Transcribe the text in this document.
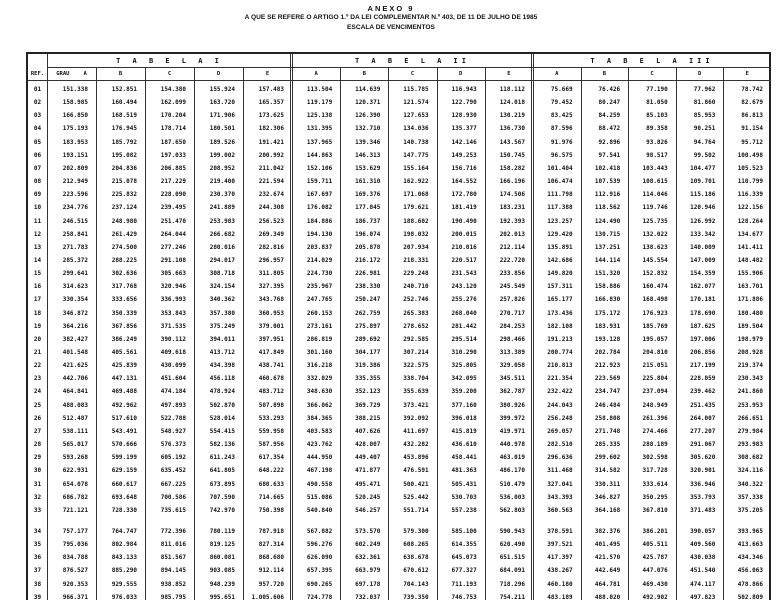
ANEXO 9
A QUE SE REFERE O ARTIGO 1.º DA LEI COMPLEMENTAR N.º 403, DE 11 DE JULHO DE 1985
ESCALA DE VENCIMENTOS
T A B E L A I
GRAU	A	B	C	D	E
T A B E L A II
A	B	C	D	E
T A B E L A III
A	B	C	D	E
REF.
01	151.338	152.851	154.380	155.924	157.483	113.504	114.639	115.785	116.943	118.112	75.669	76.426	77.190	77.962	78.742
02	158.985	160.494	162.099	163.720	165.357	119.179	120.371	121.574	122.790	124.018	79.452	80.247	81.050	81.860	82.679
03	166.850	168.519	170.204	171.906	173.625	125.138	126.390	127.653	128.930	130.219	83.425	84.259	85.103	85.953	86.813
04	175.193	176.945	178.714	180.501	182.306	131.395	132.710	134.036	135.377	136.730	87.596	88.472	89.358	90.251	91.154
05	183.953	185.792	187.650	189.526	191.421	137.965	139.346	140.738	142.146	143.567	91.976	92.896	93.826	94.764	95.712
06	193.151	195.082	197.033	199.002	200.992	144.863	146.313	147.775	149.253	150.745	96.575	97.541	98.517	99.502	100.498
07	202.809	204.836	206.885	208.952	211.042	152.106	153.629	155.164	156.716	158.282	101.404	102.418	103.443	104.477	105.523
08	212.949	215.078	217.229	219.400	221.594	159.711	161.310	162.922	164.552	166.196	106.474	107.539	108.615	109.701	110.799
09	223.596	225.832	228.090	230.370	232.674	167.697	169.376	171.068	172.780	174.506	111.798	112.916	114.046	115.186	116.339
10	234.776	237.124	239.495	241.889	244.308	176.082	177.845	179.621	181.419	183.231	117.388	118.562	119.746	120.946	122.156
11	246.515	248.980	251.470	253.983	256.523	184.886	186.737	188.602	190.490	192.393	123.257	124.490	125.735	126.992	128.264
12	258.841	261.429	264.044	266.682	269.349	194.130	196.074	198.032	200.015	202.013	129.420	130.715	132.022	133.342	134.677
13	271.783	274.500	277.246	280.016	282.816	203.837	205.878	207.934	210.016	212.114	135.891	137.251	138.623	140.009	141.411
14	285.372	288.225	291.108	294.017	296.957	214.029	216.172	218.331	220.517	222.720	142.686	144.114	145.554	147.009	148.482
15	299.641	302.636	305.663	308.718	311.805	224.730	226.981	229.248	231.543	233.856	149.820	151.320	152.832	154.359	155.906
16	314.623	317.768	320.946	324.154	327.395	235.967	238.330	240.710	243.120	245.549	157.311	158.886	160.474	162.077	163.701
17	330.354	333.656	336.993	340.362	343.768	247.765	250.247	252.746	255.276	257.826	165.177	166.830	168.498	170.181	171.886
18	346.872	350.339	353.843	357.380	360.953	260.153	262.759	265.383	268.040	270.717	173.436	175.172	176.923	178.690	180.480
19	364.216	367.856	371.535	375.249	379.001	273.161	275.897	278.652	281.442	284.253	182.108	183.931	185.769	187.625	189.504
20	382.427	386.249	390.112	394.011	397.951	286.819	289.692	292.585	295.514	298.466	191.213	193.128	195.057	197.006	198.979
21	401.548	405.561	409.618	413.712	417.849	301.160	304.177	307.214	310.290	313.389	200.774	202.784	204.810	206.856	208.928
22	421.625	425.839	430.099	434.398	438.741	316.218	319.386	322.575	325.805	329.058	210.813	212.923	215.051	217.199	219.374
23	442.706	447.131	451.604	456.118	460.678	332.029	335.355	338.704	342.095	345.511	221.354	223.569	225.804	228.059	230.343
24	464.841	469.488	474.184	478.924	483.712	348.630	352.123	355.639	359.200	362.787	232.422	234.747	237.094	239.462	241.860
25	488.083	492.962	497.893	502.870	507.898	366.062	369.729	373.421	377.160	380.926	244.043	246.484	248.949	251.435	253.953
26	512.487	517.610	522.788	528.014	533.293	384.365	388.215	392.092	396.018	399.972	256.248	258.808	261.396	264.007	266.651
27	538.111	543.491	548.927	554.415	559.958	403.583	407.626	411.697	415.819	419.971	269.057	271.748	274.466	277.207	279.984
28	565.017	570.666	576.373	582.136	587.956	423.762	428.007	432.282	436.610	440.978	282.510	285.335	288.189	291.067	293.983
29	593.268	599.199	605.192	611.243	617.354	444.950	449.407	453.896	458.441	463.019	296.636	299.602	302.598	305.620	308.682
30	622.931	629.159	635.452	641.805	648.222	467.198	471.877	476.591	481.363	486.170	311.468	314.582	317.728	320.901	324.116
31	654.078	660.617	667.225	673.895	680.633	490.558	495.471	500.421	505.431	510.479	327.041	330.311	333.614	336.946	340.322
32	686.782	693.648	700.586	707.590	714.665	515.086	520.245	525.442	530.703	536.003	343.393	346.827	350.295	353.793	357.338
33	721.121	728.330	735.615	742.970	750.398	540.840	546.257	551.714	557.238	562.803	360.563	364.168	367.810	371.483	375.205
34	757.177	764.747	772.396	780.119	787.918	567.882	573.570	579.300	585.100	590.943	378.591	382.376	386.201	390.057	393.965
35	795.036	802.984	811.016	819.125	827.314	596.276	602.249	608.265	614.355	620.490	397.521	401.495	405.511	409.560	413.663
36	834.788	843.133	851.567	860.081	868.680	626.090	632.361	638.678	645.073	651.515	417.397	421.570	425.787	430.038	434.346
37	876.527	885.290	894.145	903.085	912.114	657.395	663.979	670.612	677.327	684.091	438.267	442.649	447.076	451.540	456.063
38	920.353	929.555	938.852	948.239	957.720	690.265	697.178	704.143	711.193	718.296	460.180	464.781	469.430	474.117	478.866
39	966.371	976.033	985.795	995.651	1.005.606	724.778	732.037	739.350	746.753	754.211	483.189	488.020	492.902	497.823	502.809
